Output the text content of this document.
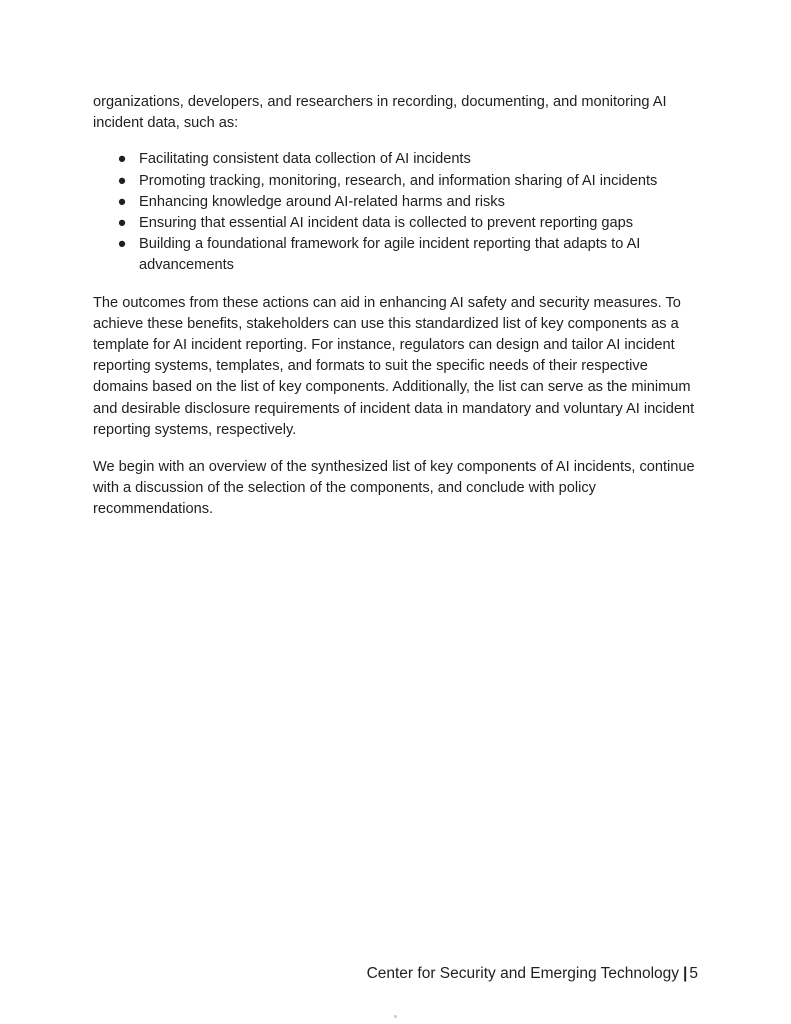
organizations, developers, and researchers in recording, documenting, and monitoring AI incident data, such as:

● Facilitating consistent data collection of AI incidents
● Promoting tracking, monitoring, research, and information sharing of AI incidents
● Enhancing knowledge around AI-related harms and risks
● Ensuring that essential AI incident data is collected to prevent reporting gaps
● Building a foundational framework for agile incident reporting that adapts to AI advancements

The outcomes from these actions can aid in enhancing AI safety and security measures. To achieve these benefits, stakeholders can use this standardized list of key components as a template for AI incident reporting. For instance, regulators can design and tailor AI incident reporting systems, templates, and formats to suit the specific needs of their respective domains based on the list of key components. Additionally, the list can serve as the minimum and desirable disclosure requirements of incident data in mandatory and voluntary AI incident reporting systems, respectively.

We begin with an overview of the synthesized list of key components of AI incidents, continue with a discussion of the selection of the components, and conclude with policy recommendations.

Center for Security and Emerging Technology | 5
